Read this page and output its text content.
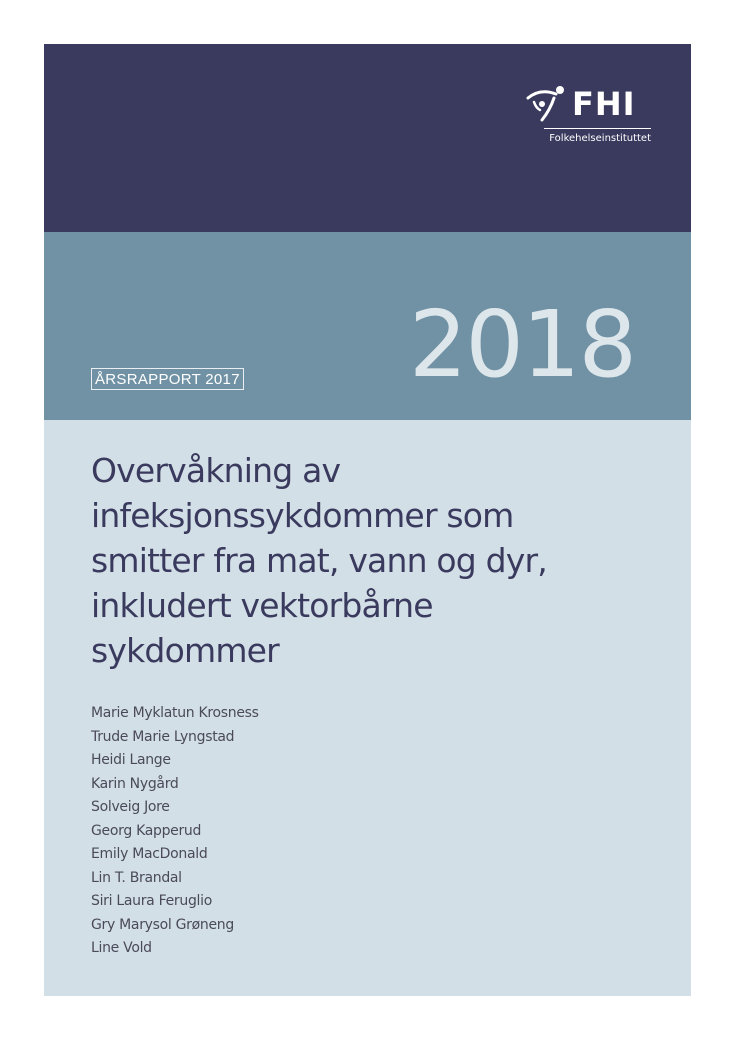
FHI
Folkehelseinstituttet
2018
ÅRSRAPPORT 2017
Overvåkning av infeksjonssykdommer som smitter fra mat, vann og dyr, inkludert vektorbårne sykdommer
Marie Myklatun Krosness
Trude Marie Lyngstad
Heidi Lange
Karin Nygård
Solveig Jore
Georg Kapperud
Emily MacDonald
Lin T. Brandal
Siri Laura Feruglio
Gry Marysol Grøneng
Line Vold
